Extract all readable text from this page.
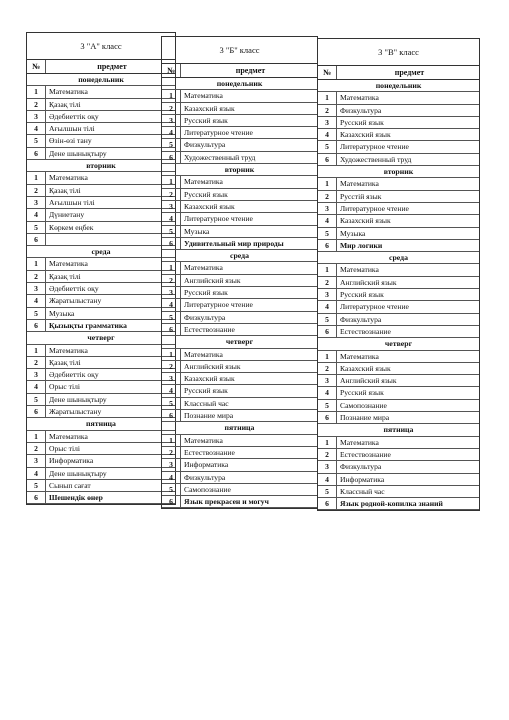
3 "А" класс
№	предмет
понедельник
1	Математика
2	Қазақ тілі
3	Әдебиеттік оқу
4	Ағылшын тілі
5	Өзін-өзі тану
6	Дене шынықтыру
вторник
1	Математика
2	Қазақ тілі
3	Ағылшын тілі
4	Дүниетану
5	Көркем еңбек
6
среда
1	Математика
2	Қазақ тілі
3	Әдебиеттік оқу
4	Жаратылыстану
5	Музыка
6	Қызықты грамматика
четверг
1	Математика
2	Қазақ тілі
3	Әдебиеттік оқу
4	Орыс тілі
5	Дене шынықтыру
6	Жаратылыстану
пятница
1	Математика
2	Орыс тілі
3	Информатика
4	Дене шынықтыру
5	Сынып сағат
6	Шешендік өнер
3 "Б" класс
№	предмет
понедельник
1	Математика
2	Казахский язык
3	Русский язык
4	Литературное чтение
5	Физкультура
6	Художественный труд
вторник
1	Математика
2	Русский язык
3	Казахский язык
4	Литературное чтение
5	Музыка
6	Удивительный мир природы
среда
1	Математика
2	Английский язык
3	Русский язык
4	Литературное чтение
5	Физкультура
6	Естествознание
четверг
1	Математика
2	Английский язык
3	Казахский язык
4	Русский язык
5	Классный час
6	Познание мира
пятница
1	Математика
2	Естествознание
3	Информатика
4	Физкультура
5	Самопознание
6	Язык прекрасен и могуч
3 "В" класс
№	предмет
понедельник
1	Математика
2	Физкультура
3	Русский язык
4	Казахский язык
5	Литературное чтение
6	Художественный труд
вторник
1	Математика
2	Русcтій язык
3	Литературное чтение
4	Казахский язык
5	Музыка
6	Мир логики
среда
1	Математика
2	Английский язык
3	Русский язык
4	Литературное чтение
5	Физкультура
6	Естествознание
четверг
1	Математика
2	Казахский язык
3	Английский язык
4	Русский язык
5	Самопознание
6	Познание мира
пятница
1	Математика
2	Естествознание
3	Физкультура
4	Информатика
5	Классный час
6	Язык родной-копилка знаний
